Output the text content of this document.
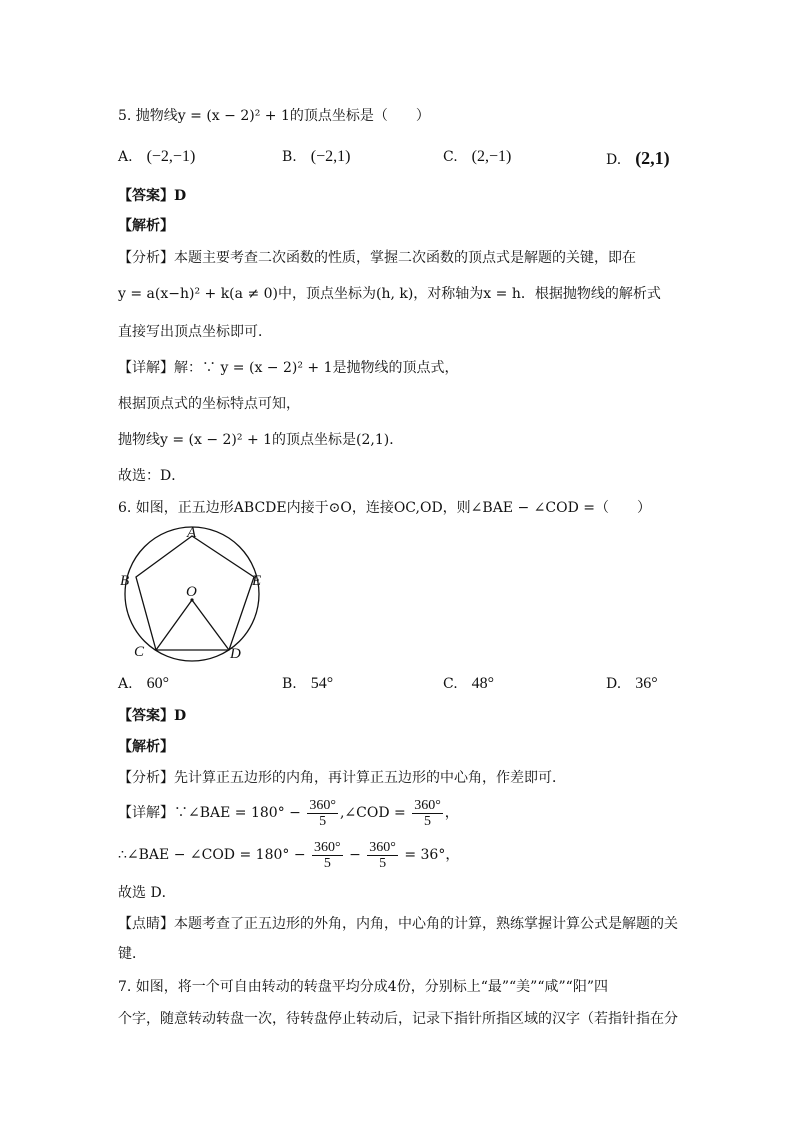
5. 抛物线y = (x − 2)² + 1的顶点坐标是（　　）
A. (−2,−1)	B. (−2,1)	C. (2,−1)	D. (2,1)
【答案】D
【解析】
【分析】本题主要考查二次函数的性质，掌握二次函数的顶点式是解题的关键，即在
y = a(x−h)² + k(a ≠ 0)中，顶点坐标为(h, k)，对称轴为x = h．根据抛物线的解析式
直接写出顶点坐标即可．
【详解】解：∵ y = (x − 2)² + 1是抛物线的顶点式，
根据顶点式的坐标特点可知，
抛物线y = (x − 2)² + 1的顶点坐标是(2,1)．
故选：D．
6. 如图，正五边形ABCDE内接于⊙O，连接OC,OD，则∠BAE − ∠COD =（　　）
A
B	E
O
C	D
A. 60°	B. 54°	C. 48°	D. 36°
【答案】D
【解析】
【分析】先计算正五边形的内角，再计算正五边形的中心角，作差即可．
【详解】∵∠BAE = $180^\circ - \frac{360^\circ}{5}$ ,∠COD = $\frac{360^\circ}{5}$ ，
∴∠BAE − ∠COD = $180^\circ - \frac{360^\circ}{5} - \frac{360^\circ}{5} = 36^\circ$，
故选 D．
【点睛】本题考查了正五边形的外角，内角，中心角的计算，熟练掌握计算公式是解题的关
键．
7. 如图，将一个可自由转动的转盘平均分成4份，分别标上“最”“美”“咸”“阳”四
个字，随意转动转盘一次，待转盘停止转动后，记录下指针所指区域的汉字（若指针指在分
